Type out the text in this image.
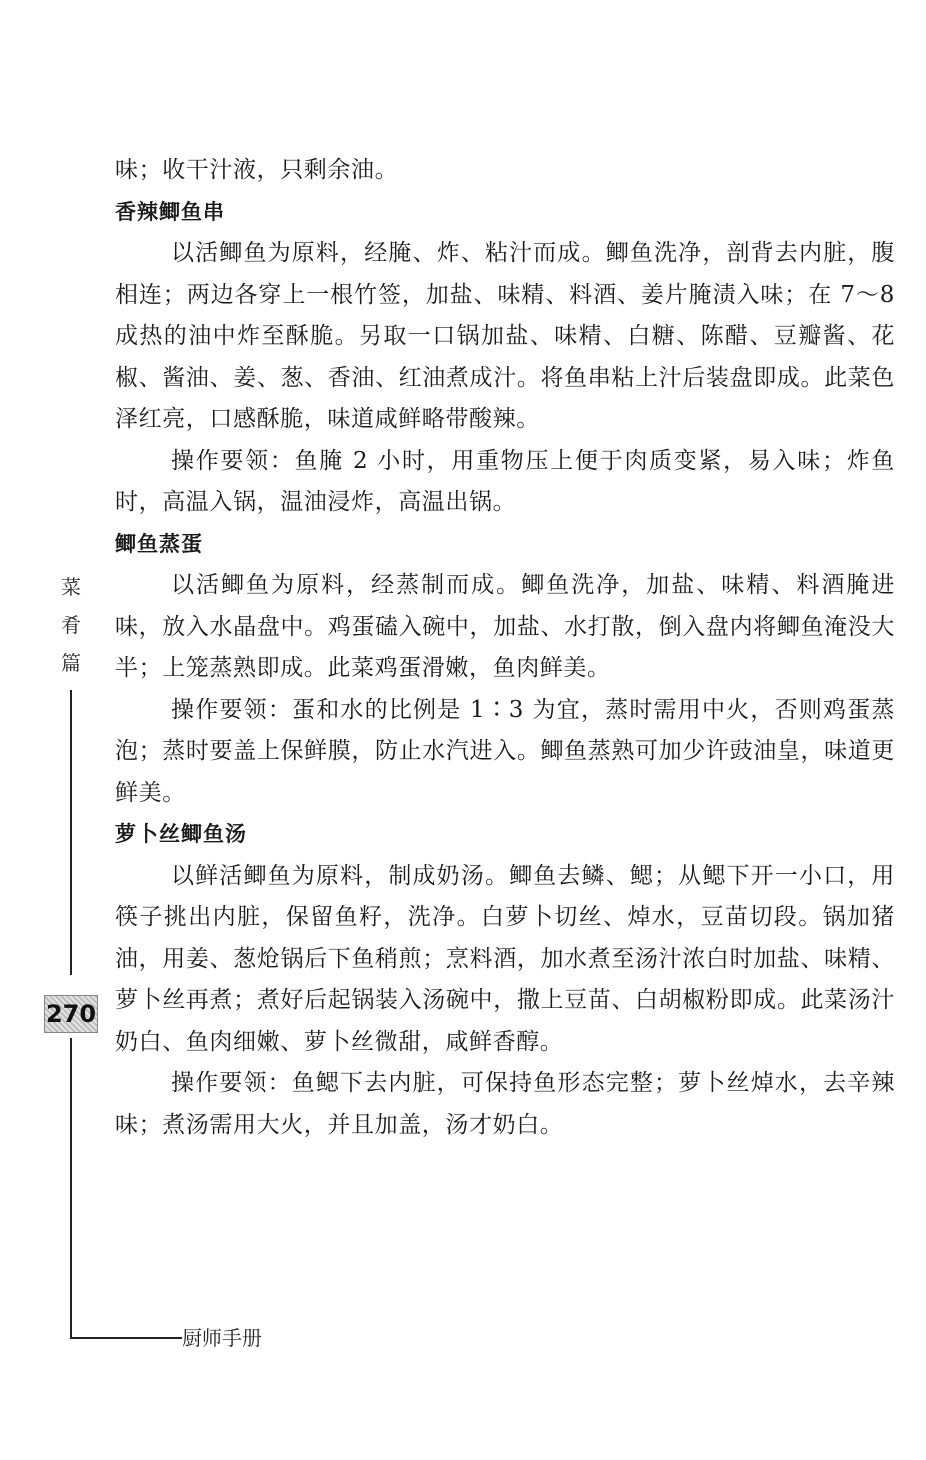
味；收干汁液，只剩余油。

香辣鲫鱼串

以活鲫鱼为原料，经腌、炸、粘汁而成。鲫鱼洗净，剖背去内脏，腹相连；两边各穿上一根竹签，加盐、味精、料酒、姜片腌渍入味；在 7～8 成热的油中炸至酥脆。另取一口锅加盐、味精、白糖、陈醋、豆瓣酱、花椒、酱油、姜、葱、香油、红油煮成汁。将鱼串粘上汁后装盘即成。此菜色泽红亮，口感酥脆，味道咸鲜略带酸辣。

操作要领：鱼腌 2 小时，用重物压上便于肉质变紧，易入味；炸鱼时，高温入锅，温油浸炸，高温出锅。

鲫鱼蒸蛋

以活鲫鱼为原料，经蒸制而成。鲫鱼洗净，加盐、味精、料酒腌进味，放入水晶盘中。鸡蛋磕入碗中，加盐、水打散，倒入盘内将鲫鱼淹没大半；上笼蒸熟即成。此菜鸡蛋滑嫩，鱼肉鲜美。

操作要领：蛋和水的比例是 1∶3 为宜，蒸时需用中火，否则鸡蛋蒸泡；蒸时要盖上保鲜膜，防止水汽进入。鲫鱼蒸熟可加少许豉油皇，味道更鲜美。

萝卜丝鲫鱼汤

以鲜活鲫鱼为原料，制成奶汤。鲫鱼去鳞、鳃；从鳃下开一小口，用筷子挑出内脏，保留鱼籽，洗净。白萝卜切丝、焯水，豆苗切段。锅加猪油，用姜、葱炝锅后下鱼稍煎；烹料酒，加水煮至汤汁浓白时加盐、味精、萝卜丝再煮；煮好后起锅装入汤碗中，撒上豆苗、白胡椒粉即成。此菜汤汁奶白、鱼肉细嫩、萝卜丝微甜，咸鲜香醇。

操作要领：鱼鳃下去内脏，可保持鱼形态完整；萝卜丝焯水，去辛辣味；煮汤需用大火，并且加盖，汤才奶白。

菜肴篇
270
厨师手册
